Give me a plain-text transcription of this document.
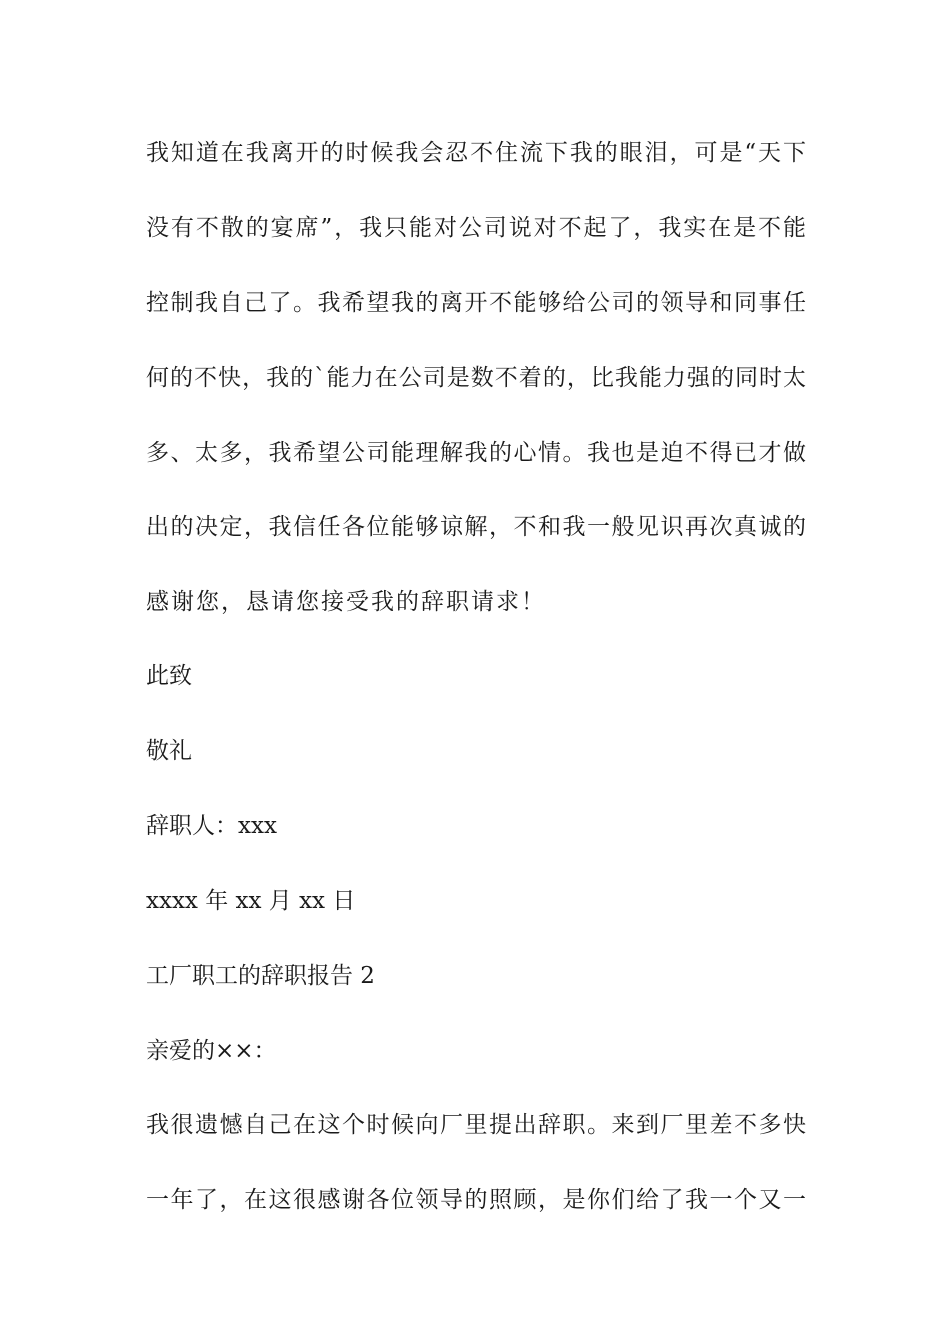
我知道在我离开的时候我会忍不住流下我的眼泪，可是“天下
没有不散的宴席”，我只能对公司说对不起了，我实在是不能
控制我自己了。我希望我的离开不能够给公司的领导和同事任
何的不快，我的`能力在公司是数不着的，比我能力强的同时太
多、太多，我希望公司能理解我的心情。我也是迫不得已才做
出的决定，我信任各位能够谅解，不和我一般见识再次真诚的
感谢您，恳请您接受我的辞职请求！
此致
敬礼
辞职人：xxx
xxxx 年 xx 月 xx 日
工厂职工的辞职报告 2
亲爱的××：
我很遗憾自己在这个时候向厂里提出辞职。来到厂里差不多快
一年了，在这很感谢各位领导的照顾，是你们给了我一个又一
